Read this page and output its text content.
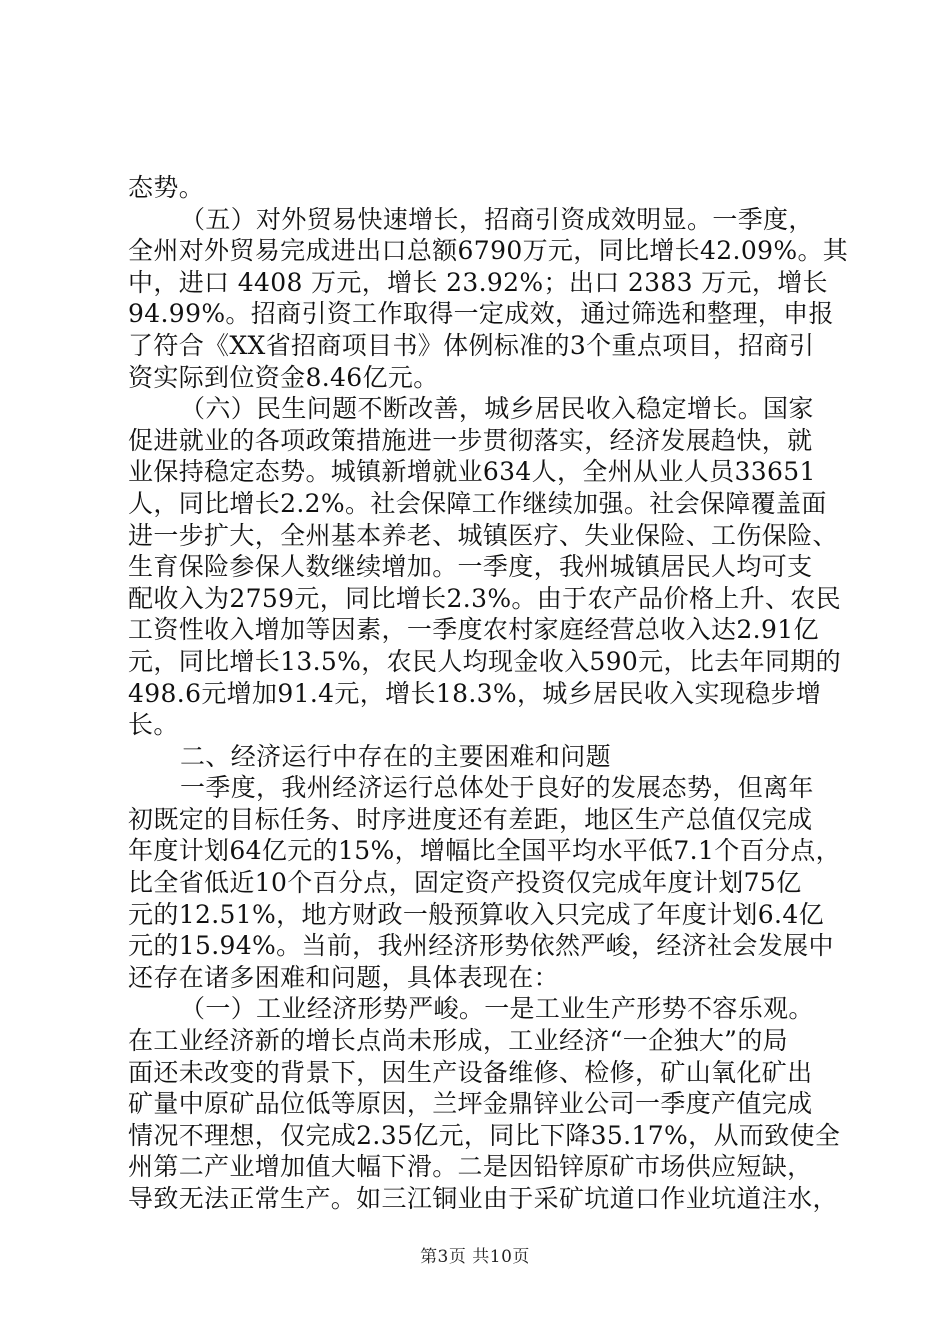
态势。
（五）对外贸易快速增长，招商引资成效明显。一季度，
全州对外贸易完成进出口总额6790万元，同比增长42.09%。其
中，进口 4408 万元，增长 23.92%；出口 2383 万元，增长
94.99%。招商引资工作取得一定成效，通过筛选和整理，申报
了符合《XX省招商项目书》体例标准的3个重点项目，招商引
资实际到位资金8.46亿元。
（六）民生问题不断改善，城乡居民收入稳定增长。国家
促进就业的各项政策措施进一步贯彻落实，经济发展趋快，就
业保持稳定态势。城镇新增就业634人，全州从业人员33651
人，同比增长2.2%。社会保障工作继续加强。社会保障覆盖面
进一步扩大，全州基本养老、城镇医疗、失业保险、工伤保险、
生育保险参保人数继续增加。一季度，我州城镇居民人均可支
配收入为2759元，同比增长2.3%。由于农产品价格上升、农民
工资性收入增加等因素，一季度农村家庭经营总收入达2.91亿
元，同比增长13.5%，农民人均现金收入590元，比去年同期的
498.6元增加91.4元，增长18.3%，城乡居民收入实现稳步增
长。
二、经济运行中存在的主要困难和问题
一季度，我州经济运行总体处于良好的发展态势，但离年
初既定的目标任务、时序进度还有差距，地区生产总值仅完成
年度计划64亿元的15%，增幅比全国平均水平低7.1个百分点，
比全省低近10个百分点，固定资产投资仅完成年度计划75亿
元的12.51%，地方财政一般预算收入只完成了年度计划6.4亿
元的15.94%。当前，我州经济形势依然严峻，经济社会发展中
还存在诸多困难和问题，具体表现在：
（一）工业经济形势严峻。一是工业生产形势不容乐观。
在工业经济新的增长点尚未形成，工业经济“一企独大”的局
面还未改变的背景下，因生产设备维修、检修，矿山氧化矿出
矿量中原矿品位低等原因，兰坪金鼎锌业公司一季度产值完成
情况不理想，仅完成2.35亿元，同比下降35.17%，从而致使全
州第二产业增加值大幅下滑。二是因铅锌原矿市场供应短缺，
导致无法正常生产。如三江铜业由于采矿坑道口作业坑道注水，
第3页 共10页
